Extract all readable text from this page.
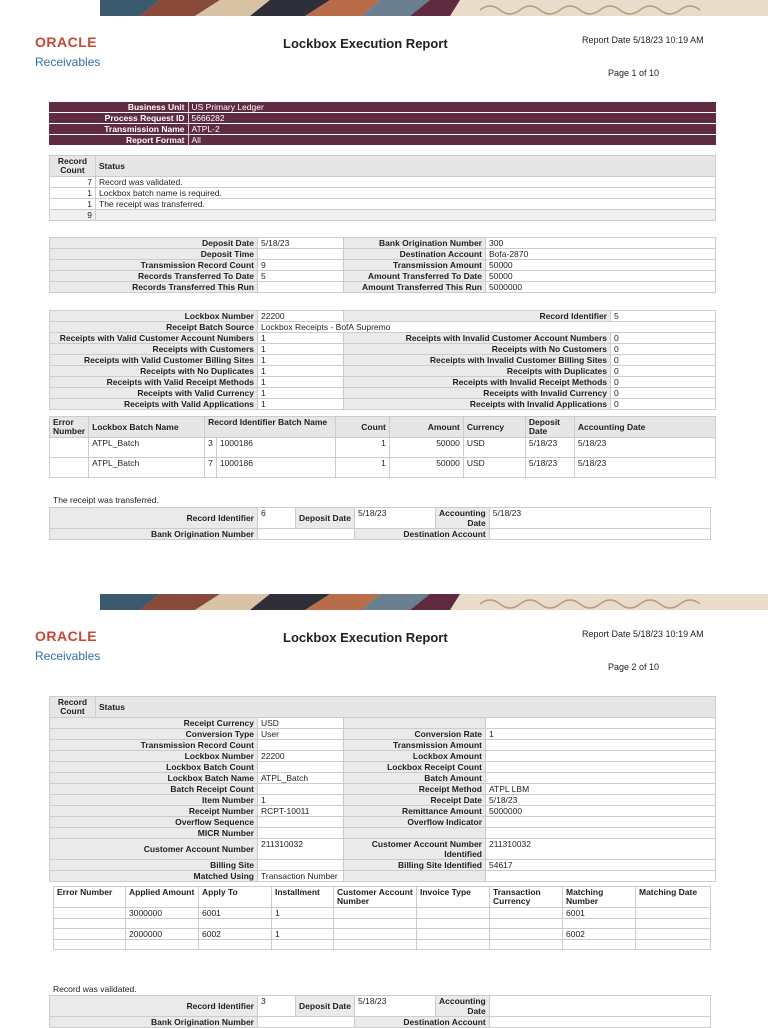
ORACLE
Receivables
Lockbox Execution Report	Report Date 5/18/23 10:19 AM
Page 1 of 10
Business Unit	US Primary Ledger
Process Request ID	5666282
Transmission Name	ATPL-2
Report Format	All
Record Count	Status
7	Record was validated.
1	Lockbox batch name is required.
1	The receipt was transferred.
9	
Deposit Date	5/18/23	Bank Origination Number	300
Deposit Time		Destination Account	Bofa-2870
Transmission Record Count	9	Transmission Amount	50000
Records Transferred To Date	5	Amount Transferred To Date	50000
Records Transferred This Run		Amount Transferred This Run	5000000
Lockbox Number	22200	Record Identifier	5
Receipt Batch Source	Lockbox Receipts - BofA Supremo		
Receipts with Valid Customer Account Numbers	1	Receipts with Invalid Customer Account Numbers	0
Receipts with Customers	1	Receipts with No Customers	0
Receipts with Valid Customer Billing Sites	1	Receipts with Invalid Customer Billing Sites	0
Receipts with No Duplicates	1	Receipts with Duplicates	0
Receipts with Valid Receipt Methods	1	Receipts with Invalid Receipt Methods	0
Receipts with Valid Currency	1	Receipts with Invalid Currency	0
Receipts with Valid Applications	1	Receipts with Invalid Applications	0
Error Number	Lockbox Batch Name	Record Identifier Batch Name		Count	Amount	Currency	Deposit Date	Accounting Date
	ATPL_Batch	3	1000186	1	50000	USD	5/18/23	5/18/23
	ATPL_Batch	7	1000186	1	50000	USD	5/18/23	5/18/23
The receipt was transferred.
Record Identifier	6	Deposit Date	5/18/23	Accounting Date	5/18/23
Bank Origination Number			Destination Account		
ORACLE
Receivables
Lockbox Execution Report	Report Date 5/18/23 10:19 AM
Page 2 of 10
Record Count	Status
Receipt Currency	USD		
Conversion Type	User	Conversion Rate	1
Transmission Record Count		Transmission Amount	
Lockbox Number	22200	Lockbox Amount	
Lockbox Batch Count		Lockbox Receipt Count	
Lockbox Batch Name	ATPL_Batch	Batch Amount	
Batch Receipt Count		Receipt Method	ATPL LBM
Item Number	1	Receipt Date	5/18/23
Receipt Number	RCPT-10011	Remittance Amount	5000000
Overflow Sequence		Overflow Indicator	
MICR Number			
Customer Account Number	211310032	Customer Account Number Identified	211310032
Billing Site		Billing Site Identified	54617
Matched Using	Transaction Number		
Error Number	Applied Amount	Apply To	Installment	Customer Account Number	Invoice Type	Transaction Currency	Matching Number	Matching Date
	3000000	6001	1				6001	

	2000000	6002	1				6002	

Record was validated.
Record Identifier	3	Deposit Date	5/18/23	Accounting Date	
Bank Origination Number			Destination Account		
